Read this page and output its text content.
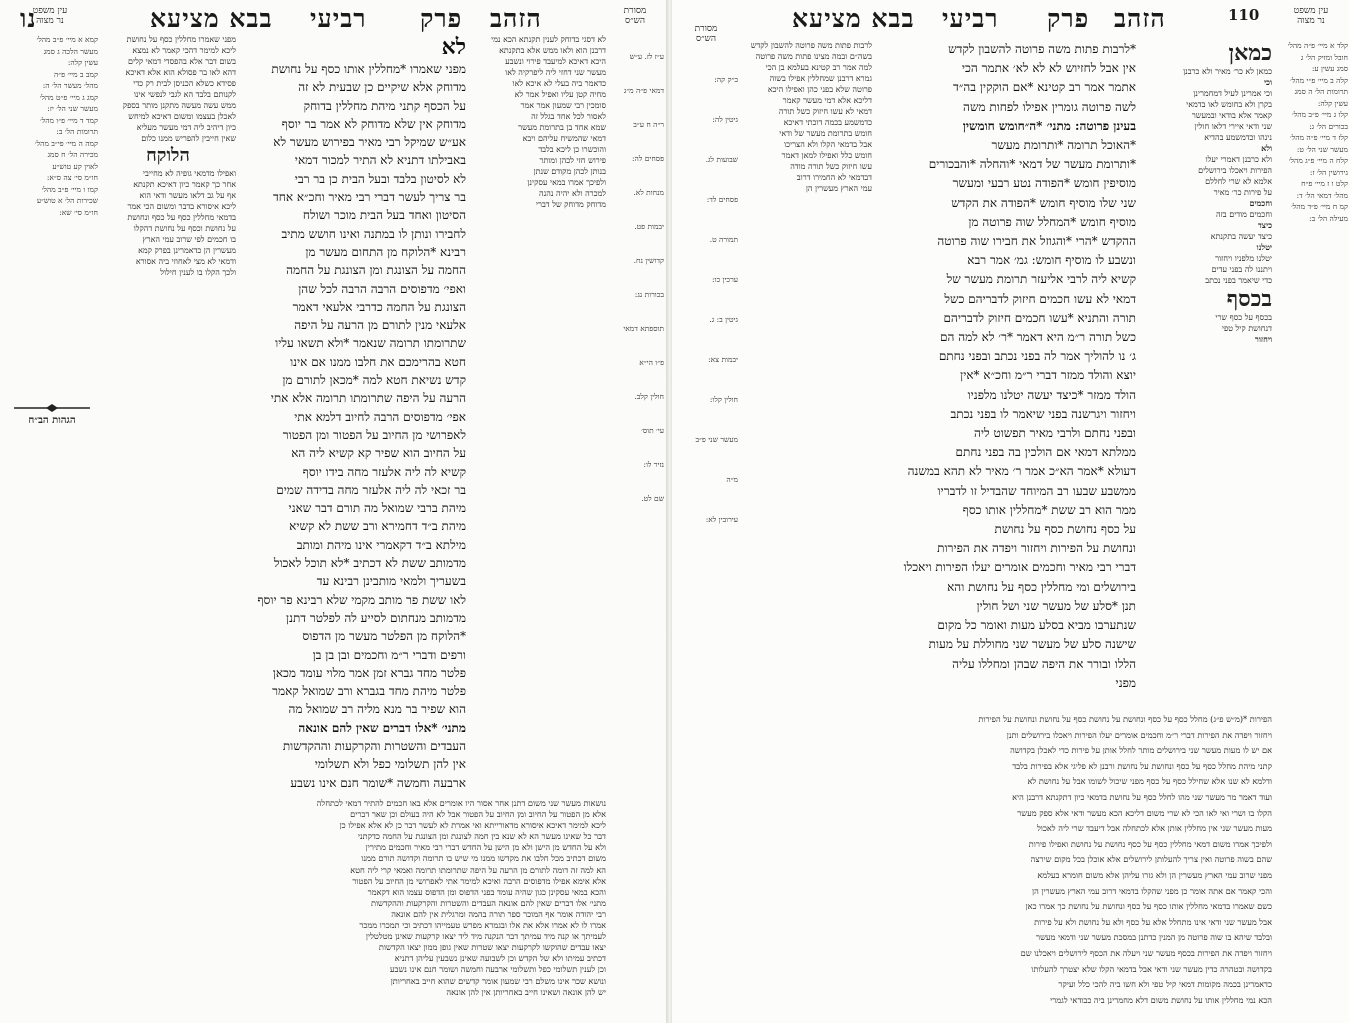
עין משפט
נר מצוה
נו	בבא מציעא רביעי פרק הזהב	מסורת
הש״ס
קמא א מיי׳ פ״ב מהל׳
מעשר הלכה ג סמג
עשין קלה:
קמב ב מיי׳ פ״ה
מהל׳ מעשר הל׳ ה:
קמג ג מיי׳ פ״ט מהל׳
מעשר שני הל׳ יז:
קמד ד מיי׳ פ״ו מהל׳
תרומות הל׳ ב:
קמה ה מיי׳ פי״ב מהל׳
מכירה הל׳ ח סמג
לאוין קע טוש״ע
חו״מ סי׳ צה ס״א:
קמו ו מיי׳ פ״ב מהל׳
שכירות הל׳ א טוש״ע
חו״מ סי׳ שא:
מפני שאמרו מחללין כסף על נחושת
ליכא למימר דהכי קאמר לא נמצא
בשום דבר אלא בהפסדי דמאי קלים
דהא לאו בר פסולא הוא אלא דאיכא
פסידא כשלא הכניסן לבית רק כדי
לקנותם בלבד הא לגבי לנפשי אינו
ממש עשה מעשה מתקנן מותר בספק
לאכלן בעצמו ומשום דאיכא למיחש
כיון דיהיב ליה דמי מעשר מעליא
שאין חייבין להפריש ממנו כלום
הלוקח
ואפילו מדמאי גופיה לא מחייבי
אחר כך קאמר כיון דאיכא תקנתא
אף על גב דלאו מעשר ודאי הוא
ליכא איסורא בדבר ומשום הכי אמר
בדמאי מחללין כסף על כסף ונחושת
על נחושת וכסף על נחושת דהקלו
בו חכמים לפי שרוב עמי הארץ
מעשרין הן כדאמרינן בפרק קמא
ודמאי לא מצי לאחוזי ביה אסורא
ולכך הקלו בו לענין חילול
הגהות הב״ח
לא
מפני שאמרו *מחללין אותו כסף על נחושת
מדוחק אלא שיקיים כן שבעית לא זה
על הכסף קתני מיהת מחללין בדוחק
מדוחק אין שלא מדוחק לא אמר בר יוסף
אע״ש שמיקל רבי מאיר בפירוש מעשר לא
באבילתו דתניא לא התיר למכור דמאי
לא לסיטון בלבד ובעל הבית כן בר רבי
בר צריך לעשר דברי רבי מאיר וחכ״א אחד
הסיטון ואחד בעל הבית מוכר ושולח
לחבירו ונותן לו במתנה ואינו חושש מתיב
רבינא *הלוקח מן התחום מעשר מן
החמה על הצונגת ומן הצונגת על החמה
ואפי׳ מדפוסים הרבה הרבה לכל שהן
הצונגת על החמה כדרבי אלעאי דאמר
אלעאי מנין לתורם מן הרעה על היפה
שתרומתו תרומה שנאמר *ולא תשאו עליו
חטא בהרימכם את חלבו ממנו אם אינו
קדש נשיאת חטא למה *מכאן לתורם מן
הרעה על היפה שתרומתו תרומה אלא אתי
אפי׳ מדפוסים הרבה לחיוב דלמא אתי
לאפרושי מן החיוב על הפטור ומן הפטור
על החיוב הוא שפיר קא קשיא ליה הא
קשיא לה ליה אלעזר מחה בידו יוסף
בר זכאי לה ליה אלעזר מחה בדידה שמים
מיהת ברבי שמואל מה תורם דבר שאני
מיהת ב״ד דחמירא ורב ששת לא קשיא
מילתא ב״ד דקאמרי אינו מיהת ומותב
מדמותב ששת לא דכתיב *לא תוכל לאכול
בשעריך ולמאי מותבינן רבינא עד
לאו ששת פר מותב מקמי שלא רבינא פר יוסף
מדמותב מנחתום לסייע לה לפלטר דתנן
*הלוקח מן הפלטר מעשר מן הדפוס
ורפים ודברי ר״מ וחכמים ובן בן בן
פלטר מחד גברא זמן אמר מלוי עומד מכאן
פלטר מיהת מחד בגברא ורב שמואל קאמר
הוא שפיר בר מנא מליה רב שמואל מה
מתני׳ *אלו דברים שאין להם אונאה
העבדים והשטרות והקרקעות וההקדשות
אין להן תשלומי כפל ולא תשלומי
ארבעה וחמשה *שומר חנם אינו נשבע
לא דסגי בדוחק לענין תקנתא הכא נמי
דרבנן הוא ולאו ממש אלא בתקנתא
היכא דאיכא למיעבד פירוי ונשבע
מעשר שני דחזי ליה ליפרקיה לאו
כדאמר ביה בעלי לא איכא לאו
מחיה קטן עליו ואפיל אמר לא
סומכין רבי שמעון אמר אמר
לאסור לכל אחד בגלל זה
שמא אחד בן בתרומת מעשר
דמאי שהמשיח עליהם ויבא
והוכשרו כן ליכא בלבד
פירוש חזי לכהן ומותר
בנותן לכהן מקודם שנתן
ולפיכך אמרו במאי עסקינן
למכרה ולא יהיה נהנה
מדוחק מדוחק של דברי
ע״ז לז. ע״ש
דמאי פ״ה מ״ג
ר״ה ח ע״ב
פסחים לה:
מנחות לא.
יבמות פט.
קדושין נח.
בכורות נג:
תוספתא דמאי
פ״ו הי״א
חולין קלב.
עי׳ תוס׳
נזיר לו:
שם לט.
נושאות מעשר שני משום דתנן אחר אסור היו אומרים אלא באו חכמים להתיר דמאי לכתחלה
אלא מן הפטור על החיוב ומן החיוב על הפטור אבל לא היה בעולם וכן שאר דברים
ליכא למימר דאיכא איסורא מדאורייתא ואי אמרת לא לעשר דבר כן לא אלא אפילו כן
דבר כל שאינו מעשר הא לא שנא בין חמה לצונגת ומן הצונגת על החמה כדקתני
ולא על החדש מן הישן ולא מן הישן על החדש דברי רבי מאיר וחכמים מתירין
משום דכתיב מכל חלבו את מקדשו ממנו מי שיש בו תרומה וקדושה תורם ממנו
הא למה זה דומה לתורם מן הרעה על היפה שתרומתו תרומה ואמאי קרי ליה חטא
אלא אימא אפילו מדפוסים הרבה ואיכא למימר אתי לאפרושי מן החיוב על הפטור
והכא במאי עסקינן כגון שהיה עומד בפני הדפוס ומן הדפוס עצמו הוא דקאמר
מתני׳ אלו דברים שאין להם אונאה העבדים והשטרות והקרקעות וההקדשות
רבי יהודה אומר אף המוכר ספר תורה בהמה ומרגלית אין להם אונאה
אמרו לו לא אמרו אלא את אלו ובגמרא מפרש טעמייהו דכתיב וכי תמכרו ממכר
לעמיתך או קנה מיד עמיתך דבר הנקנה מיד ליד יצאו קרקעות שאינן מטלטלין
יצאו עבדים שהוקשו לקרקעות יצאו שטרות שאין גופן ממון יצאו הקדשות
דכתיב עמיתו ולא של הקדש וכן לשבועה שאינן נשבעין עליהן דתניא
וכן לענין תשלומי כפל ותשלומי ארבעה וחמשה ושומר חנם אינו נשבע
ונושא שכר אינו משלם רבי שמעון אומר קדשים שהוא חייב באחריותן
יש להן אונאה ושאינו חייב באחריותן אין להן אונאה
מסורת
הש״ס
בבא מציעא רביעי פרק הזהב	110	עין משפט
נר מצוה
ב״ק קה:
גיטין לה:
שבועות לג.
פסחים לד:
תמורה ט.
ערכין כו:
גיטין ב: ג.
יבמות צא:
חולין קלו:
מעשר שני פ״ב
מ״ה
עירובין לא:
לרבות פתות משה פרוטה להשבון לקדש
בשה״ם ובמה מצינו פתות משה פרוטה
למה אמר רב קטינא בעלמא בן הכי
גמרא דרבנן שמחללין אפילו בשוה
פרוטה שלא בפני כהן ואפילו היכא
דליכא אלא דמי מעשר קאמר
דמאי לא עשו חיזוק כשל תורה
כדמשמע בכמה דוכתי דאיכא
חומש בתרומת מעשר של ודאי
אבל בדמאי הקלו ולא הצריכו
חומש כלל ואפילו למאן דאמר
עשו חיזוק כשל תורה מודה
דבדמאי לא החמירו דרוב
עמי הארץ מעשרין הן
*לרבות פתות משה פרוטה להשבון לקדש
אין אבל לחזיוש לא לא לא׳ אתמר הכי
אתמר אמר רב קטינא *אם הוקקין בה״ד
לשה פרוטה גומרין אפילו לפחות משה
בעינן פרוטה: מתני׳ *ה״חומש חומשין
*האוכל תרומה *ותרומת מעשר
*ותרומת מעשר של דמאי *והחלה *והבכורים
מוסיפין חומש *הפודה נטע רבעי ומעשר
שני שלו מוסיף חומש *הפודה את הקדש
מוסיף חומש *המחלל שוה פרוטה מן
ההקדש *הרי *והגוזל את חבירו שוה פרוטה
ונשבע לו מוסיף חומש: גמ׳ אמר רבא
קשיא ליה לרבי אליעזר תרומת מעשר של
דמאי לא עשו חכמים חיזוק לדבריהם כשל
תורה והתניא *עשו חכמים חיזוק לדבריהם
כשל תורה ר״מ היא דאמר *ר׳ לא למה הם
ג׳ נו להוליך אמר לה בפני נכתב ובפני נחתם
יוצא והולד ממזר דברי ר״מ וחכ״א *אין
הולד ממזר *כיצד יעשה יטלנו מלפניו
ויחזור ויגרשנה בפני שיאמר לו בפני נכתב
ובפני נחתם ולרבי מאיר תפשוט ליה
ממלתא דמאי אם הולכין בה בפני נחתם
דעולא *אמר הא״כ אמר ר׳ מאיר לא תהא במשנה
ממשבע שבעו רב המיוחד שהבדיל זו לדבריו
ממר הוא רב ששת *מחללין אותו כסף
על כסף נחושת כסף על נחושת
ונחושת על הפירות ויחזור ויפדה את הפירות
דברי רבי מאיר וחכמים אומרים יעלו הפירות ויאכלו
בירושלים ומי מחללין כסף על נחושת והא
תנן *סלע של מעשר שני ושל חולין
שנתערבו מביא בסלע מעות ואומר כל מקום
שישנה סלע של מעשר שני מחוללת על מעות
הללו ובורר את היפה שבהן ומחללו עליה
מפני
כמאן
כמאן לא כר׳ מאיר ולא כרבנן
וכי
וכי אמרינן לעיל דמחמרינן
בקרן ולא בחומש לאו בדמאי
קאמר אלא בודאי ובמעשר
שני ודאי איירי דלאו חולין
נינהו וכדמשמע בהדיא
ולא
ולא כרבנן דאמרי יעלו
הפירות ויאכלו בירושלים
אלמא לא שרי לחללם
על פירות כר׳ מאיר
וחכמים
וחכמים מודים בזה
כיצד
כיצד יעשה בתקנתא
יטלנו
יטלנו מלפניו ויחזור
ויתננו לה בפני עדים
כדי שיאמר בפני נכתב
בכסף
בכסף על כסף שרי
דנחושת קיל טפי
ויחזור
קלד א מיי׳ פ״ה מהל׳
חובל ומזיק הל׳ ג
סמג עשין ע:
קלה ב מיי׳ פ״י מהל׳
תרומות הל׳ ה סמג
עשין קלה:
קלו ג מיי׳ פ״ב מהל׳
בכורים הל׳ ג:
קלז ד מיי׳ פ״ה מהל׳
מעשר שני הל׳ ט:
קלח ה מיי׳ פ״ג מהל׳
גירושין הל׳ ז:
קלט ו ז מיי׳ פ״ח
מהל׳ דמאי הל׳ ד:
קמ ח מיי׳ פ״ד מהל׳
מעילה הל׳ ב:
הפירות *(מ״ש פ״ג) מחלל כסף על כסף ונחושת על נחושת כסף על נחושת ונחושת על הפירות
ויחזור ויפדה את הפירות דברי ר״מ וחכמים אומרים יעלו הפירות ויאכלו בירושלים ותנן
אם יש לו מעות מעשר שני בירושלים מותר לחלל אותן על פירות כדי לאכלן בקדושה
קתני מיהת מחלל כסף על כסף ונחושת על נחושת ורבנן לא פליגי אלא בפירות בלבד
ודלמא לא שנו אלא שחילל כסף על כסף מפני שיכול לשומו אבל על נחושת לא
ועוד דאמר מר מעשר שני מהו לחלל כסף על נחושת בדמאי כיון דתקנתא דרבנן היא
הקלו בו ושרי ואי לאו הכי לא שרי משום דליכא הכא מעשר ודאי אלא ספק מעשר
מעות מעשר שני אין מחללין אותן אלא לכתחלה אבל דיעבד שרי ליה לאכול
ולפיכך אמרו משום דמאי מחללין כסף על כסף נחושת על נחושת ואפילו פירות
שהם בשוה פרוטה ואין צריך להעלותן לירושלים אלא אוכלן בכל מקום שירצה
מפני שרוב עמי הארץ מעשרין הן ולא גזרו עליהן אלא משום חומרא בעלמא
והכי קאמר אם אתה אומר כן מפני שהקלו בדמאי דרוב עמי הארץ מעשרין הן
כשם שאמרו בדמאי מחללין אותו כסף על כסף ונחושת על נחושת כך אמרו כאן
אבל מעשר שני ודאי אינו מתחלל אלא על כסף ולא על נחושת ולא על פירות
ובלבד שיהא בו שוה פרוטה מן המנין כדתנן במסכת מעשר שני ודמאי מעשר
ויחזור ויפדה את הפירות בכסף מעשר שני ויעלה את הכסף לירושלים ויאכלנו שם
בקדושה ובטהרה כדין מעשר שני ודאי אבל בדמאי הקלו שלא יצטרך להעלותו
כדאמרינן בכמה מקומות דמאי קיל טפי ולא חשו ביה להכי כלל ועיקר
הכא נמי מחללין אותו על נחושת משום דלא מחמרינן ביה כבודאי לגמרי
